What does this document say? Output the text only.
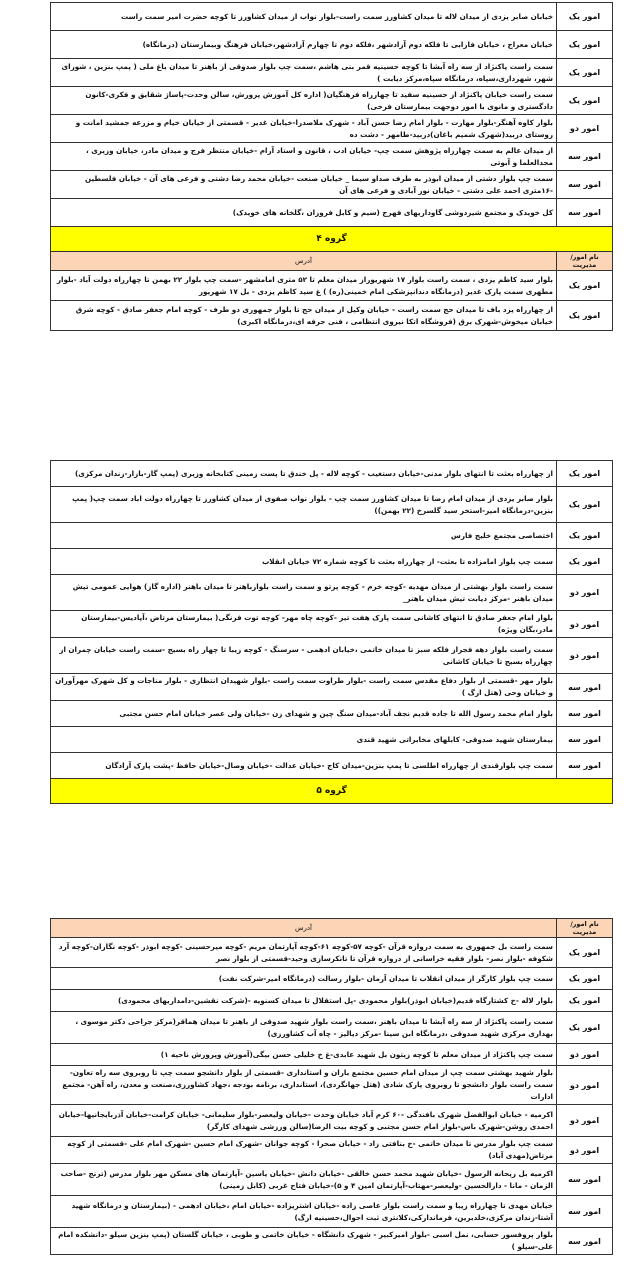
امور یک	خیابان صابر یزدی از میدان لاله تا میدان کشاورز سمت راست-بلوار نواب از میدان کشاورز تا کوچه حضرت امیر سمت راست
امور یک	خیابان معراج ، خیابان فارابی تا فلکه دوم آزادشهر ،فلکه دوم تا چهارم آزادشهر،خیابان فرهنگ وبیمارستان (درمانگاه)
امور یک	سمت راست پاکنژاد از سه راه آبشا تا کوچه حسینیه قمر بنی هاشم ،سمت چپ بلوار صدوقی از باهنر تا میدان باغ ملی ( پمپ بنزین ، شورای شهر، شهرداری،سپاه، درمانگاه سپاه،مرکز دیابت )
امور یک	سمت راست خیابان پاکنژاد از حسینیه سفید تا چهارراه فرهنگیان( اداره کل آموزش پرورش، سالن وحدت-پاساژ شقایق و فکری-کانون دادگستری و مانوی با امور دوجهت بیمارستان فرخی)
امور دو	بلوار کاوه آهنگر-بلوار مهارت - بلوار امام رضا حسن آباد - شهرک ملاصدرا-خیابان غدیر - قسمتی از خیابان خیام و مزرعه جمشید امانت و روستای دربید(شهرک شمیم باغان)دربید-طامهر - دشت ده
امور سه	از میدان عالم به سمت چهارراه پژوهش سمت چپ- خیابان ادب ، قانون و استاد آرام -خیابان منتظر فرج و میدان مادر، خیابان وزیری ، مجدالعلما و آبوتی
امور سه	سمت چپ بلوار دشتی از میدان ابوذر به طرف صداو سیما _ خیابان صنعت -خیابان محمد رضا دشتی و فرعی های آن - خیابان فلسطین -۱۶متری احمد علی دشتی - خیابان نور آبادی و فرعی های آن
امور سه	کل خویدک و مجتمع شیردوشی گاوداریهای فهرج (سیم و کابل فروزان ،گلخانه های خویدک)
گروه ۴	
نام امور/مدیریت	آدرس
امور یک	بلوار سید کاظم یزدی ، سمت راست بلوار ۱۷ شهریوراز میدان معلم تا ۵۲ متری امامشهر -سمت چپ بلوار ۲۲ بهمن تا چهارراه دولت آباد -بلوار مطهری سمت پارک غدیر (درمانگاه دندانپزشکی امام خمینی(ره) ) غ سید کاظم یزدی - بل ۱۷ شهریور
امور یک	از چهارراه یزد باف تا میدان حج سمت راست - خیابان وکیل از میدان حج تا بلوار جمهوری دو طرف - کوچه امام جعفر صادق - کوچه شرق خیابان میخوش-شهرک برق (فروشگاه اتکا نیروی انتظامی ، فنی حرفه ای،درمانگاه اکبری)
امور یک	از چهارراه بعثت تا انتهای بلوار مدنی-خیابان دستغیب - کوچه لاله - پل خندق تا پست زمینی کتابخانه وزیری (پمپ گاز-بازار-زندان مرکزی)
امور یک	بلوار صابر یزدی از میدان امام رضا تا میدان کشاورز سمت چپ - بلوار نواب صفوی از میدان کشاورز تا چهارراه دولت اباد سمت چپ( پمپ بنزین-درمانگاه امیر-استخر سید گلسرخ (۲۲ بهمن))
امور یک	اختصاصی مجتمع خلیج فارس
امور یک	سمت چپ بلوار امامزاده تا بعثت- از چهارراه بعثت تا کوچه شماره ۷۲ خیابان انقلاب
امور دو	سمت راست بلوار بهشتی از میدان مهدیه -کوچه خرم - کوچه پرتو و سمت راست بلوارباهنر تا میدان باهنر (اداره گاز) هوایی عمومی تیش میدان باهنر -مرکز دیابت تیش میدان باهنر_
امور دو	بلوار امام جعفر صادق تا انتهای کاشانی سمت پارک هفت تیر -کوچه چاه مهر- کوچه توت فرنگی( بیمارستان مرتاض ،آپادیس-بیمارستان مادر،بگان ویژه)
امور دو	سمت راست بلوار دهه فجراز فلکه سبز تا میدان خاتمی ،خیابان ادهمی - سرسنگ - کوچه زیبا تا چهار راه بسیج -سمت راست خیابان چمران از چهارراه بسیج تا خیابان کاشانی
امور سه	بلوار مهر -قسمتی از بلوار دفاع مقدس سمت راست -بلوار طراوت سمت راست -بلوار شهیدان انتظاری - بلوار مناجات و کل شهرک مهرآوران و خیابان وحی (هتل ارگ )
امور سه	بلوار امام محمد رسول الله تا جاده قدیم نجف آباد-میدان سنگ چین و شهدای زن -خیابان ولی عصر خیابان امام حسن مجتبی
امور سه	بیمارستان شهید صدوقی- کابلهای مخابراتی شهید قندی
امور سه	سمت چپ بلوارقندی از چهارراه اطلسی تا پمپ بنزین-میدان کاج -خیابان عدالت -خیابان وصال-خیابان حافظ -پشت پارک آزادگان
گروه ۵	
نام امور/مدیریت	آدرس
امور یک	سمت راست بل جمهوری به سمت دروازه قرآن -کوچه ۵۷-کوچه ۶۱-کوچه آپارتمان مریم -کوچه میرحسینی -کوچه ابوذر -کوچه نگاران-کوچه آرد شکوفه -بلوار نصر- بلوار فقیه خراسانی از دروازه قرآن تا تانکرسازی وحید-قسمتی از بلوار نصر
امور یک	سمت چپ بلوار کارگر از میدان انقلاب تا میدان آرمان -بلوار رسالت (درمانگاه امیر-شرکت نفت)
امور یک	بلوار لاله -خ کشتارگاه قدیم(خیابان ابوذر)بلوار محمودی -پل استقلال تا میدان کسنویه -(شرکت نقشین-دامداریهای محمودی)
امور یک	سمت راست پاکنژاد از سه راه آبشا تا میدان باهنر ،سمت راست بلوار شهید صدوقی از باهنر تا میدان هماقر(مرکز جراحی دکتر موسوی ، بهداری مرکزی شهید صدوقی ،درمانگاه ابن سینا -مرکز دیالیز - چاه آب کشاورزی)
امور دو	سمت چپ پاکنژاد از میدان معلم تا کوچه زیتون بل شهید عابدی-غ خ خلیلی حسن بیگی(آموزش وپرورش ناحیه ۱)
امور دو	بلوار شهید بهشتی سمت چپ از میدان امام حسین مجتمع باران و استانداری -قسمتی از بلوار دانشجو سمت چپ تا روبروی سه راه تعاون-سمت راست بلوار دانشجو تا روبروی پارک شادی (هتل جهانگردی)، استانداری، برنامه بودجه ،جهاد کشاورزی،صنعت و معدن، راه آهن- مجتمع ادارات
امور دو	اکرمیه - خیابان ابوالفضل شهرک بافندگی -۶۰ کرم آباد خیابان وحدت -خیابان ولیعصر-بلوار سلیمانی- خیابان کرامت-خیابان آذربایجانیها-خیابان احمدی روشن-شهرک باس-بلوار امام حسن مجتبی و کوچه بیت الرضا(سالن ورزشی شهدای کارگر)
امور دو	سمت چپ بلوار مدرس تا میدان خاتمی -خ بنافتی زاد - خیابان صحرا - کوچه جوانان -شهرک امام حسین -شهرک امام علی -قسمتی از کوچه مرتاض(مهدی آباد)
امور سه	اکرمیه بل ریحانه الرسول -خیابان شهید محمد حسن خالقی -خیابان دانش -خیابان یاسین -آپارتمان های مسکن مهر بلوار مدرس (ترنج -صاحب الزمان - مانا - دارالحسین -ولیعصر-مهتاب-آپارتمان امین ۴ و ۵)-خیابان فتاح غربی (کابل زمینی)
امور سه	خیابان مهدی تا چهارراه زیبا و سمت راست بلوار عاصی زاده -خیابان اشتریزاده -خیابان امام ،خیابان ادهمی - (بیمارستان و درمانگاه شهید آشتا-زندان مرکزی،خلدبرین، فرماندارکی،کلانتری ثبت احوال،حسینیه ارگ)
امور سه	بلوار پروفسور حسابی، نمل اسبی -بلوار امیرکبیر - شهرک دانشگاه - خیابان خاتمی و طوبی ، خیابان گلستان (پمپ بنزین سیلو -دانشکده امام علی-سیلو )
